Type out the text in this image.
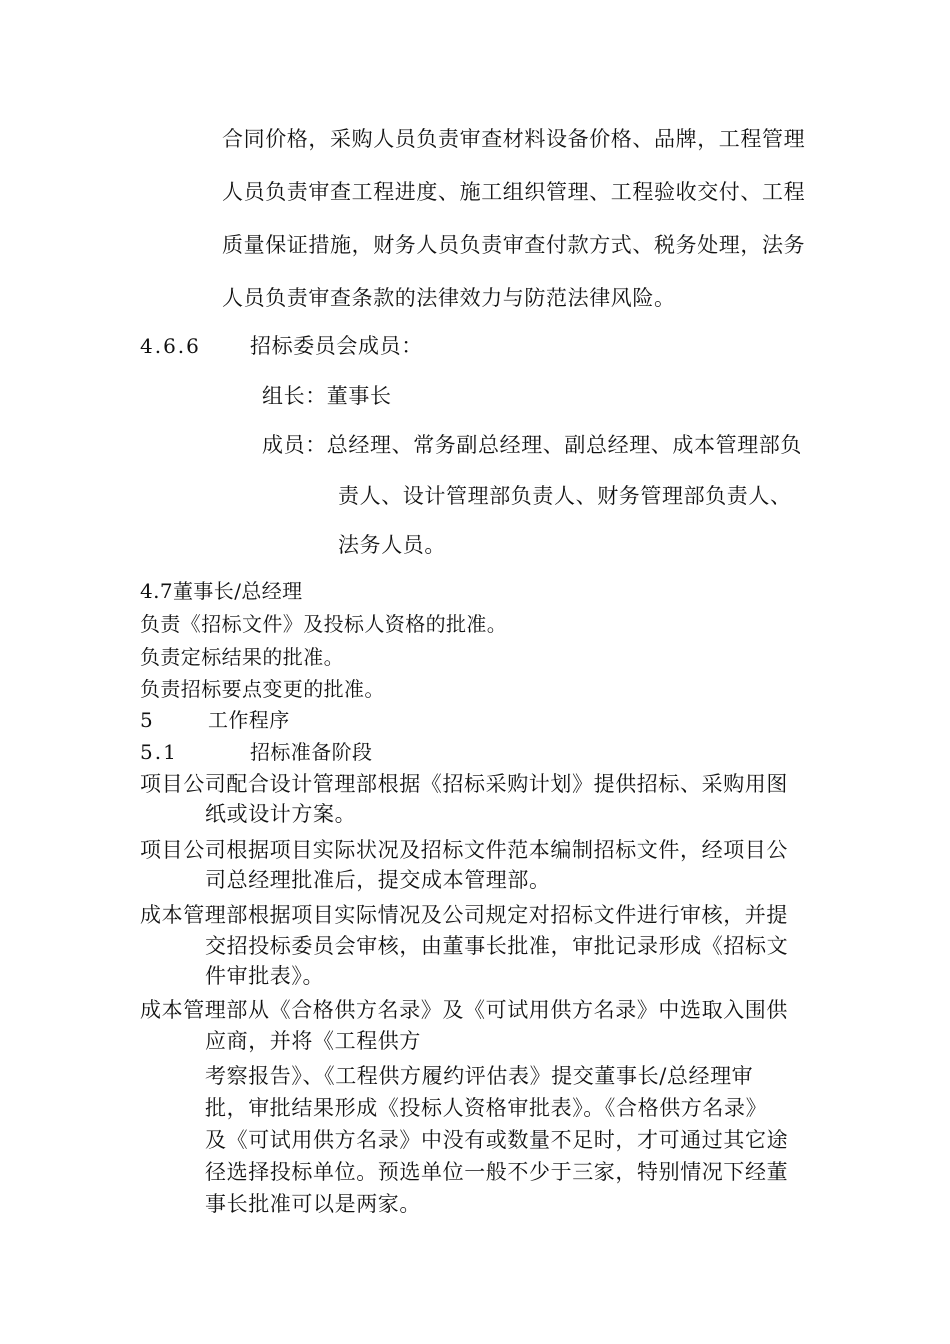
合同价格，采购人员负责审查材料设备价格、品牌，工程管理
人员负责审查工程进度、施工组织管理、工程验收交付、工程
质量保证措施，财务人员负责审查付款方式、税务处理，法务
人员负责审查条款的法律效力与防范法律风险。
4.6.6 招标委员会成员：
组长：董事长
成员：总经理、常务副总经理、副总经理、成本管理部负
责人、设计管理部负责人、财务管理部负责人、
法务人员。
4.7董事长/总经理
负责《招标文件》及投标人资格的批准。
负责定标结果的批准。
负责招标要点变更的批准。
5	工作程序
5.1	招标准备阶段
项目公司配合设计管理部根据《招标采购计划》提供招标、采购用图
纸或设计方案。
项目公司根据项目实际状况及招标文件范本编制招标文件，经项目公
司总经理批准后，提交成本管理部。
成本管理部根据项目实际情况及公司规定对招标文件进行审核，并提
交招投标委员会审核，由董事长批准，审批记录形成《招标文
件审批表》。
成本管理部从《合格供方名录》及《可试用供方名录》中选取入围供
应商，并将《工程供方
考察报告》、《工程供方履约评估表》提交董事长/总经理审
批，审批结果形成《投标人资格审批表》。《合格供方名录》
及《可试用供方名录》中没有或数量不足时，才可通过其它途
径选择投标单位。预选单位一般不少于三家，特别情况下经董
事长批准可以是两家。
